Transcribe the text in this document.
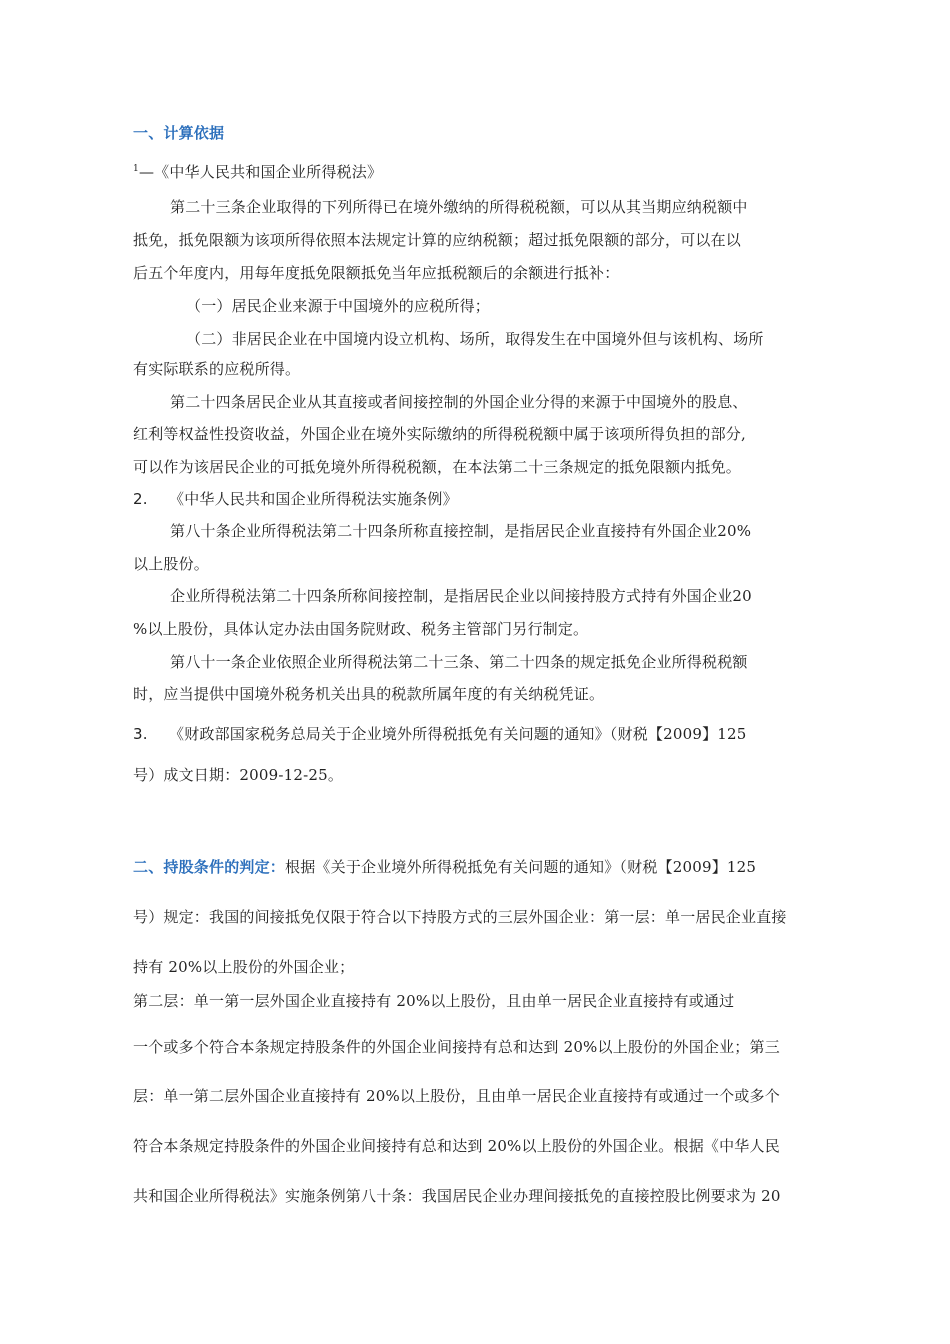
一、计算依据
$^1$—《中华人民共和国企业所得税法》
第二十三条企业取得的下列所得已在境外缴纳的所得税税额，可以从其当期应纳税额中
抵免，抵免限额为该项所得依照本法规定计算的应纳税额；超过抵免限额的部分，可以在以
后五个年度内，用每年度抵免限额抵免当年应抵税额后的余额进行抵补：
（一）居民企业来源于中国境外的应税所得；
（二）非居民企业在中国境内设立机构、场所，取得发生在中国境外但与该机构、场所
有实际联系的应税所得。
第二十四条居民企业从其直接或者间接控制的外国企业分得的来源于中国境外的股息、
红利等权益性投资收益，外国企业在境外实际缴纳的所得税税额中属于该项所得负担的部分,
可以作为该居民企业的可抵免境外所得税税额，在本法第二十三条规定的抵免限额内抵免。
2. 《中华人民共和国企业所得税法实施条例》
第八十条企业所得税法第二十四条所称直接控制，是指居民企业直接持有外国企业20%
以上股份。
企业所得税法第二十四条所称间接控制，是指居民企业以间接持股方式持有外国企业20
%以上股份，具体认定办法由国务院财政、税务主管部门另行制定。
第八十一条企业依照企业所得税法第二十三条、第二十四条的规定抵免企业所得税税额
时，应当提供中国境外税务机关出具的税款所属年度的有关纳税凭证。
3. 《财政部国家税务总局关于企业境外所得税抵免有关问题的通知》（财税【2009】125
号）成文日期：2009-12-25。
二、持股条件的判定：根据《关于企业境外所得税抵免有关问题的通知》（财税【2009】125
号）规定：我国的间接抵免仅限于符合以下持股方式的三层外国企业：第一层：单一居民企业直接
持有 20%以上股份的外国企业；
第二层：单一第一层外国企业直接持有 20%以上股份，且由单一居民企业直接持有或通过
一个或多个符合本条规定持股条件的外国企业间接持有总和达到 20%以上股份的外国企业；第三
层：单一第二层外国企业直接持有 20%以上股份，且由单一居民企业直接持有或通过一个或多个
符合本条规定持股条件的外国企业间接持有总和达到 20%以上股份的外国企业。根据《中华人民
共和国企业所得税法》实施条例第八十条：我国居民企业办理间接抵免的直接控股比例要求为 20
